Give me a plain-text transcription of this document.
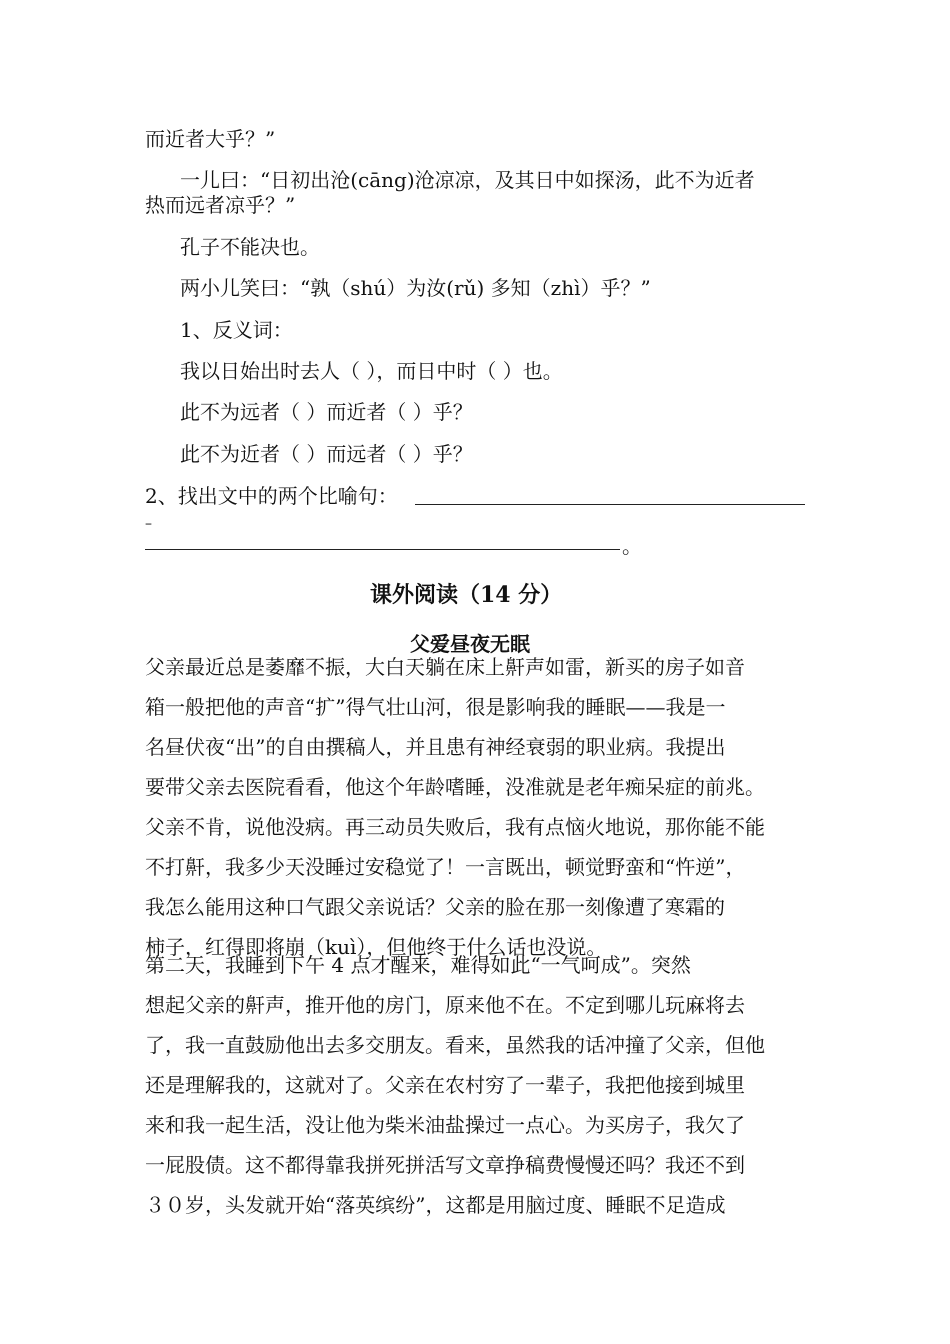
而近者大乎？”
一儿曰：“日初出沧(cāng)沧凉凉，及其日中如探汤，此不为近者
热而远者凉乎？”
孔子不能决也。
两小儿笑曰：“孰（shú）为汝(rǔ) 多知（zhì）乎？”
1、反义词：
我以日始出时去人（ ），而日中时（ ）也。
此不为远者（ ）而近者（ ）乎？
此不为近者（ ）而远者（ ）乎？
2、找出文中的两个比喻句：
–
。
课外阅读（14 分）
父爱昼夜无眠
父亲最近总是萎靡不振，大白天躺在床上鼾声如雷，新买的房子如音
箱一般把他的声音“扩”得气壮山河，很是影响我的睡眠——我是一
名昼伏夜“出”的自由撰稿人，并且患有神经衰弱的职业病。我提出
要带父亲去医院看看，他这个年龄嗜睡，没准就是老年痴呆症的前兆。
父亲不肯，说他没病。再三动员失败后，我有点恼火地说，那你能不能
不打鼾，我多少天没睡过安稳觉了！一言既出，顿觉野蛮和“忤逆”，
我怎么能用这种口气跟父亲说话？父亲的脸在那一刻像遭了寒霜的
柿子，红得即将崩（kuì），但他终于什么话也没说。
第二天，我睡到下午 4 点才醒来，难得如此“一气呵成”。突然
想起父亲的鼾声，推开他的房门，原来他不在。不定到哪儿玩麻将去
了，我一直鼓励他出去多交朋友。看来，虽然我的话冲撞了父亲，但他
还是理解我的，这就对了。父亲在农村穷了一辈子，我把他接到城里
来和我一起生活，没让他为柴米油盐操过一点心。为买房子，我欠了
一屁股债。这不都得靠我拼死拼活写文章挣稿费慢慢还吗？我还不到
３０岁，头发就开始“落英缤纷”，这都是用脑过度、睡眠不足造成
